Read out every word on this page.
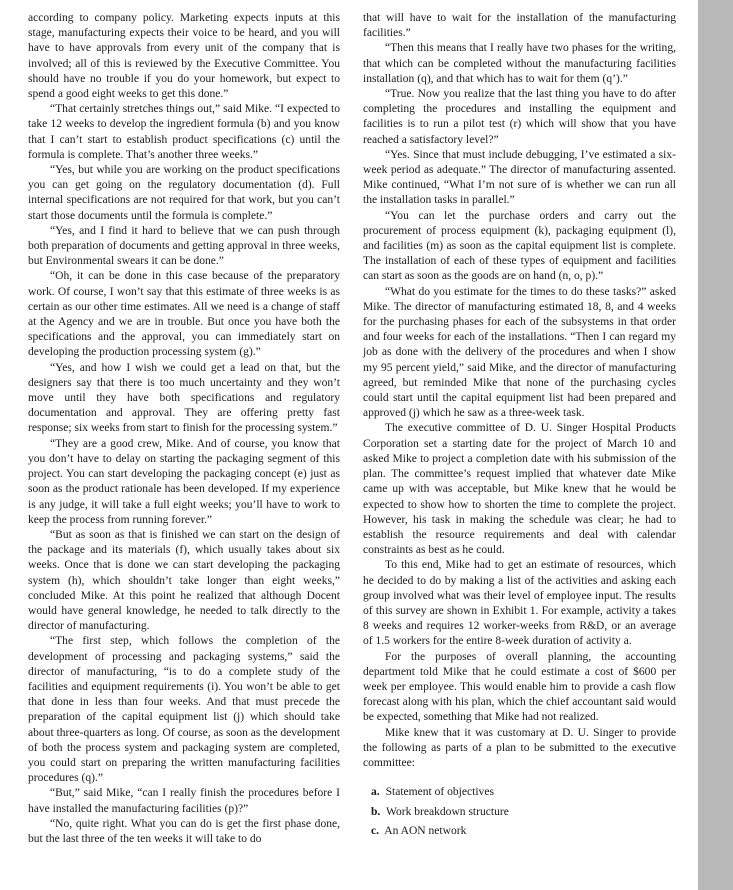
according to company policy. Marketing expects inputs at this stage, manufacturing expects their voice to be heard, and you will have to have approvals from every unit of the company that is involved; all of this is reviewed by the Executive Committee. You should have no trouble if you do your homework, but expect to spend a good eight weeks to get this done.”

“That certainly stretches things out,” said Mike. “I expected to take 12 weeks to develop the ingredient formula (b) and you know that I can’t start to establish product specifications (c) until the formula is complete. That’s another three weeks.”

“Yes, but while you are working on the product specifications you can get going on the regulatory documentation (d). Full internal specifications are not required for that work, but you can’t start those documents until the formula is complete.”

“Yes, and I find it hard to believe that we can push through both preparation of documents and getting approval in three weeks, but Environmental swears it can be done.”

“Oh, it can be done in this case because of the preparatory work. Of course, I won’t say that this estimate of three weeks is as certain as our other time estimates. All we need is a change of staff at the Agency and we are in trouble. But once you have both the specifications and the approval, you can immediately start on developing the production processing system (g).”

“Yes, and how I wish we could get a lead on that, but the designers say that there is too much uncertainty and they won’t move until they have both specifications and regulatory documentation and approval. They are offering pretty fast response; six weeks from start to finish for the processing system.”

“They are a good crew, Mike. And of course, you know that you don’t have to delay on starting the packaging segment of this project. You can start developing the packaging concept (e) just as soon as the product rationale has been developed. If my experience is any judge, it will take a full eight weeks; you’ll have to work to keep the process from running forever.”

“But as soon as that is finished we can start on the design of the package and its materials (f), which usually takes about six weeks. Once that is done we can start developing the packaging system (h), which shouldn’t take longer than eight weeks,” concluded Mike. At this point he realized that although Docent would have general knowledge, he needed to talk directly to the director of manufacturing.

“The first step, which follows the completion of the development of processing and packaging systems,” said the director of manufacturing, “is to do a complete study of the facilities and equipment requirements (i). You won’t be able to get that done in less than four weeks. And that must precede the preparation of the capital equipment list (j) which should take about three-quarters as long. Of course, as soon as the development of both the process system and packaging system are completed, you could start on preparing the written manufacturing facilities procedures (q).”

“But,” said Mike, “can I really finish the procedures before I have installed the manufacturing facilities (p)?”

“No, quite right. What you can do is get the first phase done, but the last three of the ten weeks it will take to do

that will have to wait for the installation of the manufacturing facilities.”

“Then this means that I really have two phases for the writing, that which can be completed without the manufacturing facilities installation (q), and that which has to wait for them (q’).”

“True. Now you realize that the last thing you have to do after completing the procedures and installing the equipment and facilities is to run a pilot test (r) which will show that you have reached a satisfactory level?”

“Yes. Since that must include debugging, I’ve estimated a six-week period as adequate.” The director of manufacturing assented. Mike continued, “What I’m not sure of is whether we can run all the installation tasks in parallel.”

“You can let the purchase orders and carry out the procurement of process equipment (k), packaging equipment (l), and facilities (m) as soon as the capital equipment list is complete. The installation of each of these types of equipment and facilities can start as soon as the goods are on hand (n, o, p).”

“What do you estimate for the times to do these tasks?” asked Mike. The director of manufacturing estimated 18, 8, and 4 weeks for the purchasing phases for each of the subsystems in that order and four weeks for each of the installations. “Then I can regard my job as done with the delivery of the procedures and when I show my 95 percent yield,” said Mike, and the director of manufacturing agreed, but reminded Mike that none of the purchasing cycles could start until the capital equipment list had been prepared and approved (j) which he saw as a three-week task.

The executive committee of D. U. Singer Hospital Products Corporation set a starting date for the project of March 10 and asked Mike to project a completion date with his submission of the plan. The committee’s request implied that whatever date Mike came up with was acceptable, but Mike knew that he would be expected to show how to shorten the time to complete the project. However, his task in making the schedule was clear; he had to establish the resource requirements and deal with calendar constraints as best as he could.

To this end, Mike had to get an estimate of resources, which he decided to do by making a list of the activities and asking each group involved what was their level of employee input. The results of this survey are shown in Exhibit 1. For example, activity a takes 8 weeks and requires 12 worker-weeks from R&D, or an average of 1.5 workers for the entire 8-week duration of activity a.

For the purposes of overall planning, the accounting department told Mike that he could estimate a cost of $600 per week per employee. This would enable him to provide a cash flow forecast along with his plan, which the chief accountant said would be expected, something that Mike had not realized.

Mike knew that it was customary at D. U. Singer to provide the following as parts of a plan to be submitted to the executive committee:

a. Statement of objectives
b. Work breakdown structure
c. An AON network
